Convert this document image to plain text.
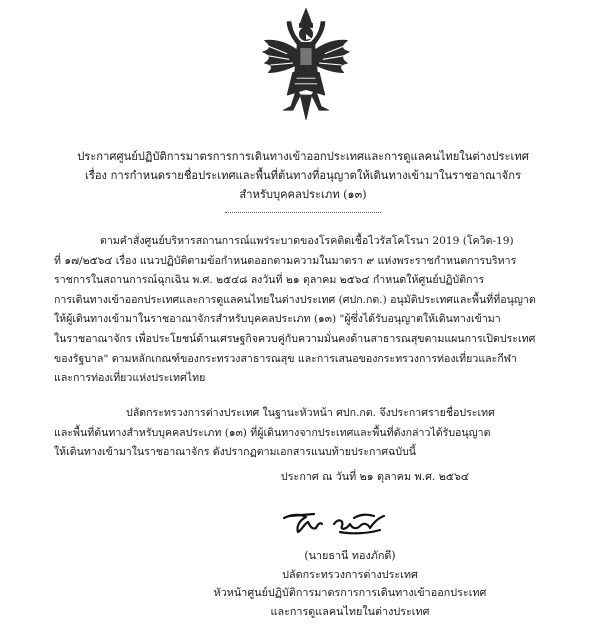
ประกาศศูนย์ปฏิบัติการมาตรการการเดินทางเข้าออกประเทศและการดูแลคนไทยในต่างประเทศ
เรื่อง การกำหนดรายชื่อประเทศและพื้นที่ต้นทางที่อนุญาตให้เดินทางเข้ามาในราชอาณาจักร
สำหรับบุคคลประเภท (๑๓)
ตามคำสั่งศูนย์บริหารสถานการณ์แพร่ระบาดของโรคติดเชื้อไวรัสโคโรนา 2019 (โควิด-19)
ที่ ๑๗/๒๕๖๔ เรื่อง แนวปฏิบัติตามข้อกำหนดออกตามความในมาตรา ๙ แห่งพระราชกำหนดการบริหาร
ราชการในสถานการณ์ฉุกเฉิน พ.ศ. ๒๕๔๘ ลงวันที่ ๒๑ ตุลาคม ๒๕๖๔ กำหนดให้ศูนย์ปฏิบัติการ
การเดินทางเข้าออกประเทศและการดูแลคนไทยในต่างประเทศ (ศปก.กต.) อนุมัติประเทศและพื้นที่ที่อนุญาต
ให้ผู้เดินทางเข้ามาในราชอาณาจักรสำหรับบุคคลประเภท (๑๓) "ผู้ซึ่งได้รับอนุญาตให้เดินทางเข้ามา
ในราชอาณาจักร เพื่อประโยชน์ด้านเศรษฐกิจควบคู่กับความมั่นคงด้านสาธารณสุขตามแผนการเปิดประเทศ
ของรัฐบาล" ตามหลักเกณฑ์ของกระทรวงสาธารณสุข และการเสนอของกระทรวงการท่องเที่ยวและกีฬา
และการท่องเที่ยวแห่งประเทศไทย
ปลัดกระทรวงการต่างประเทศ ในฐานะหัวหน้า ศปก.กต. จึงประกาศรายชื่อประเทศ
และพื้นที่ต้นทางสำหรับบุคคลประเภท (๑๓) ที่ผู้เดินทางจากประเทศและพื้นที่ดังกล่าวได้รับอนุญาต
ให้เดินทางเข้ามาในราชอาณาจักร ดังปรากฏตามเอกสารแนบท้ายประกาศฉบับนี้
ประกาศ ณ วันที่ ๒๑ ตุลาคม พ.ศ. ๒๕๖๔
(นายธานี ทองภักดี)
ปลัดกระทรวงการต่างประเทศ
หัวหน้าศูนย์ปฏิบัติการมาตรการการเดินทางเข้าออกประเทศ
และการดูแลคนไทยในต่างประเทศ
